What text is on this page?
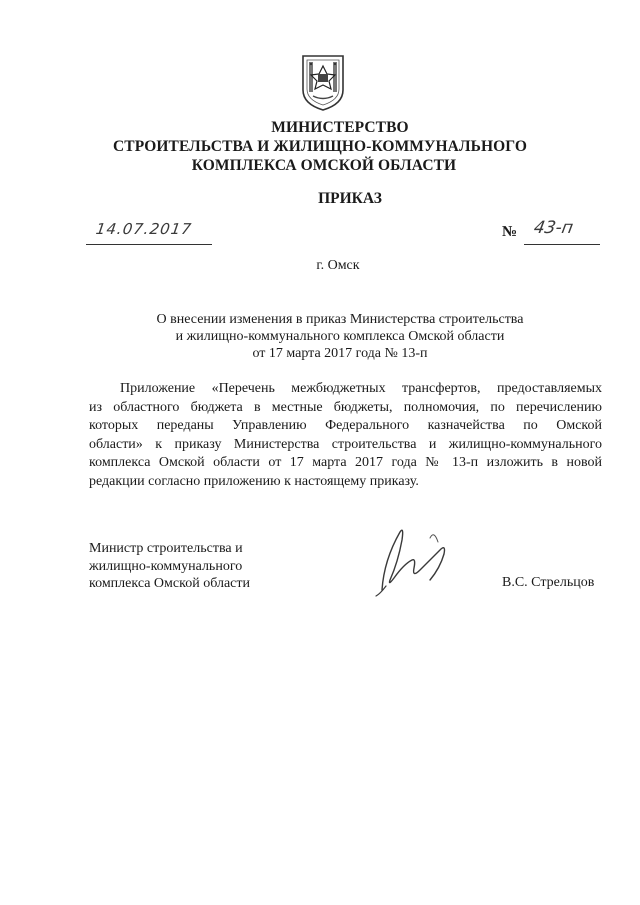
МИНИСТЕРСТВО
СТРОИТЕЛЬСТВА И ЖИЛИЩНО-КОММУНАЛЬНОГО
КОМПЛЕКСА ОМСКОЙ ОБЛАСТИ
ПРИКАЗ
14.07.2017	№ 43-п
г. Омск
О внесении изменения в приказ Министерства строительства
и жилищно-коммунального комплекса Омской области
от 17 марта 2017 года № 13-п
Приложение «Перечень межбюджетных трансфертов, предоставляемых
из областного бюджета в местные бюджеты, полномочия, по перечислению
которых переданы Управлению Федерального казначейства по Омской
области» к приказу Министерства строительства и жилищно-коммунального
комплекса Омской области от 17 марта 2017 года № 13-п изложить в новой
редакции согласно приложению к настоящему приказу.
Министр строительства и
жилищно-коммунального
комплекса Омской области	В.С. Стрельцов
